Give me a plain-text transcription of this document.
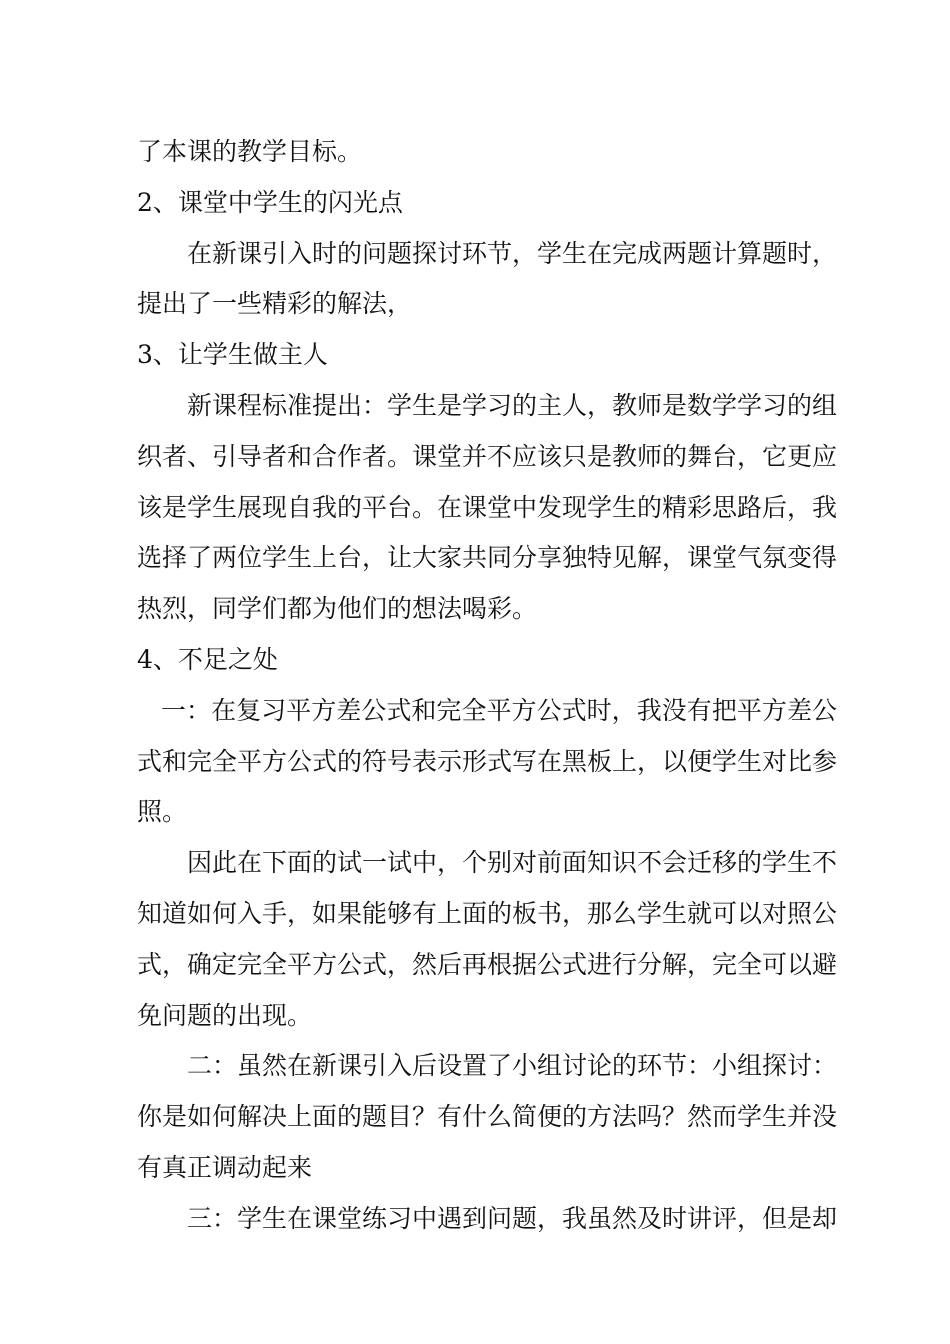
了本课的教学目标。

2、课堂中学生的闪光点

在新课引入时的问题探讨环节，学生在完成两题计算题时，提出了一些精彩的解法，

3、让学生做主人

新课程标准提出：学生是学习的主人，教师是数学学习的组织者、引导者和合作者。课堂并不应该只是教师的舞台，它更应该是学生展现自我的平台。在课堂中发现学生的精彩思路后，我选择了两位学生上台，让大家共同分享独特见解，课堂气氛变得热烈，同学们都为他们的想法喝彩。

4、不足之处

一：在复习平方差公式和完全平方公式时，我没有把平方差公式和完全平方公式的符号表示形式写在黑板上，以便学生对比参照。

因此在下面的试一试中，个别对前面知识不会迁移的学生不知道如何入手，如果能够有上面的板书，那么学生就可以对照公式，确定完全平方公式，然后再根据公式进行分解，完全可以避免问题的出现。

二：虽然在新课引入后设置了小组讨论的环节：小组探讨：你是如何解决上面的题目？有什么简便的方法吗？然而学生并没有真正调动起来

三：学生在课堂练习中遇到问题，我虽然及时讲评，但是却
